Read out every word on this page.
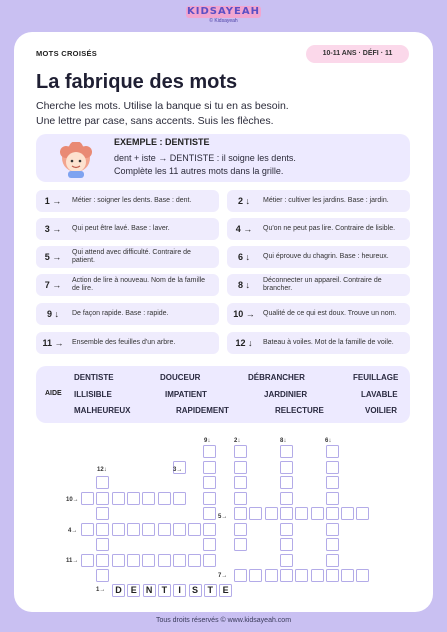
KIDSAYEAH
© Kidsayeah
MOTS CROISÉS	10-11 ANS · DÉFI · 11
La fabrique des mots
Cherche les mots. Utilise la banque si tu en as besoin.
Une lettre par case, sans accents. Suis les flèches.
EXEMPLE : DENTISTE
dent + iste → DENTISTE : il soigne les dents.
Complète les 11 autres mots dans la grille.
1 →	Métier : soigner les dents. Base : dent.	2 ↓	Métier : cultiver les jardins. Base : jardin.
3 →	Qui peut être lavé. Base : laver.	4 →	Qu'on ne peut pas lire. Contraire de lisible.
5 →	Qui attend avec difficulté. Contraire de patient.	6 ↓	Qui éprouve du chagrin. Base : heureux.
7 →	Action de lire à nouveau. Nom de la famille de lire.	8 ↓	Déconnecter un appareil. Contraire de brancher.
9 ↓	De façon rapide. Base : rapide.	10 →	Qualité de ce qui est doux. Trouve un nom.
11 →	Ensemble des feuilles d'un arbre.	12 ↓	Bateau à voiles. Mot de la famille de voile.
AIDE
DENTISTE	DOUCEUR	DÉBRANCHER	FEUILLAGE
ILLISIBLE	IMPATIENT	JARDINIER	LAVABLE
MALHEUREUX	RAPIDEMENT	RELECTURE	VOILIER
D	E	N	T	I	S	T	E
9↓	2↓	8↓	6↓
12↓	3→
10→
5→
4→
11→
7→
1→
Tous droits réservés © www.kidsayeah.com
